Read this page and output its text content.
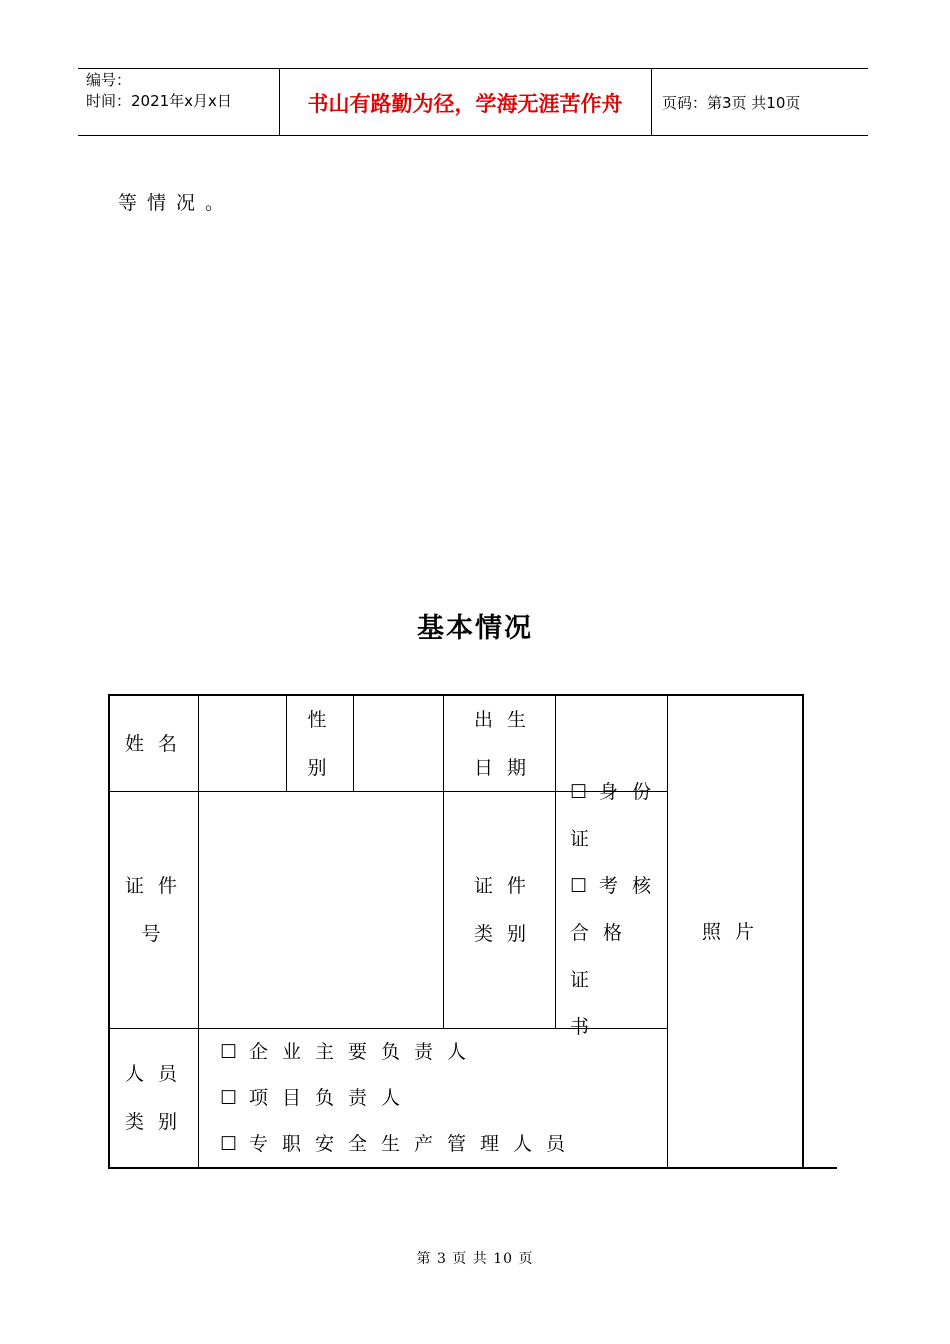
编号：
时间：2021年x月x日	书山有路勤为径，学海无涯苦作舟	页码：第3页 共10页
等情况。
基本情况
姓名
性
别
出生
日期
证件
号
证件
类别
☐ 身份
证
☐ 考核
合格证
书
照片
人员
类别
☐ 企业主要负责人
☐ 项目负责人
☐ 专职安全生产管理人员
第 3 页 共 10 页
